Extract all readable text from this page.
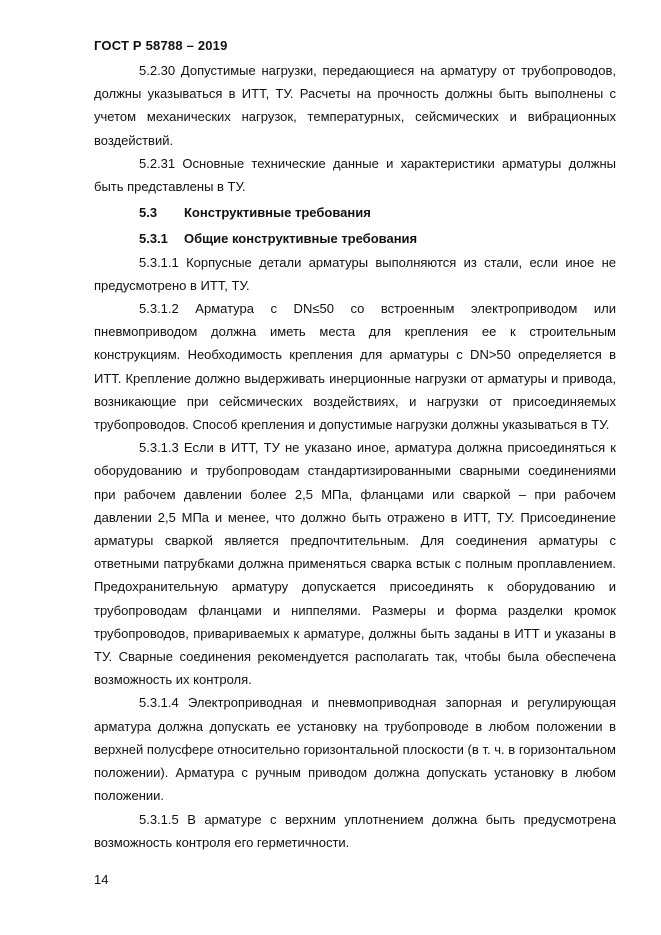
ГОСТ Р 58788 – 2019

5.2.30 Допустимые нагрузки, передающиеся на арматуру от трубопроводов, должны указываться в ИТТ, ТУ. Расчеты на прочность должны быть выполнены с учетом механических нагрузок, температурных, сейсмических и вибрационных воздействий.

5.2.31 Основные технические данные и характеристики арматуры должны быть представлены в ТУ.

5.3 Конструктивные требования

5.3.1 Общие конструктивные требования

5.3.1.1 Корпусные детали арматуры выполняются из стали, если иное не предусмотрено в ИТТ, ТУ.

5.3.1.2 Арматура с DN≤50 со встроенным электроприводом или пневмоприводом должна иметь места для крепления ее к строительным конструкциям. Необходимость крепления для арматуры с DN>50 определяется в ИТТ. Крепление должно выдерживать инерционные нагрузки от арматуры и привода, возникающие при сейсмических воздействиях, и нагрузки от присоединяемых трубопроводов. Способ крепления и допустимые нагрузки должны указываться в ТУ.

5.3.1.3 Если в ИТТ, ТУ не указано иное, арматура должна присоединяться к оборудованию и трубопроводам стандартизированными сварными соединениями при рабочем давлении более 2,5 МПа, фланцами или сваркой – при рабочем давлении 2,5 МПа и менее, что должно быть отражено в ИТТ, ТУ. Присоединение арматуры сваркой является предпочтительным. Для соединения арматуры с ответными патрубками должна применяться сварка встык с полным проплавлением. Предохранительную арматуру допускается присоединять к оборудованию и трубопроводам фланцами и ниппелями. Размеры и форма разделки кромок трубопроводов, привариваемых к арматуре, должны быть заданы в ИТТ и указаны в ТУ. Сварные соединения рекомендуется располагать так, чтобы была обеспечена возможность их контроля.

5.3.1.4 Электроприводная и пневмоприводная запорная и регулирующая арматура должна допускать ее установку на трубопроводе в любом положении в верхней полусфере относительно горизонтальной плоскости (в т. ч. в горизонтальном положении). Арматура с ручным приводом должна допускать установку в любом положении.

5.3.1.5 В арматуре с верхним уплотнением должна быть предусмотрена возможность контроля его герметичности.

14
